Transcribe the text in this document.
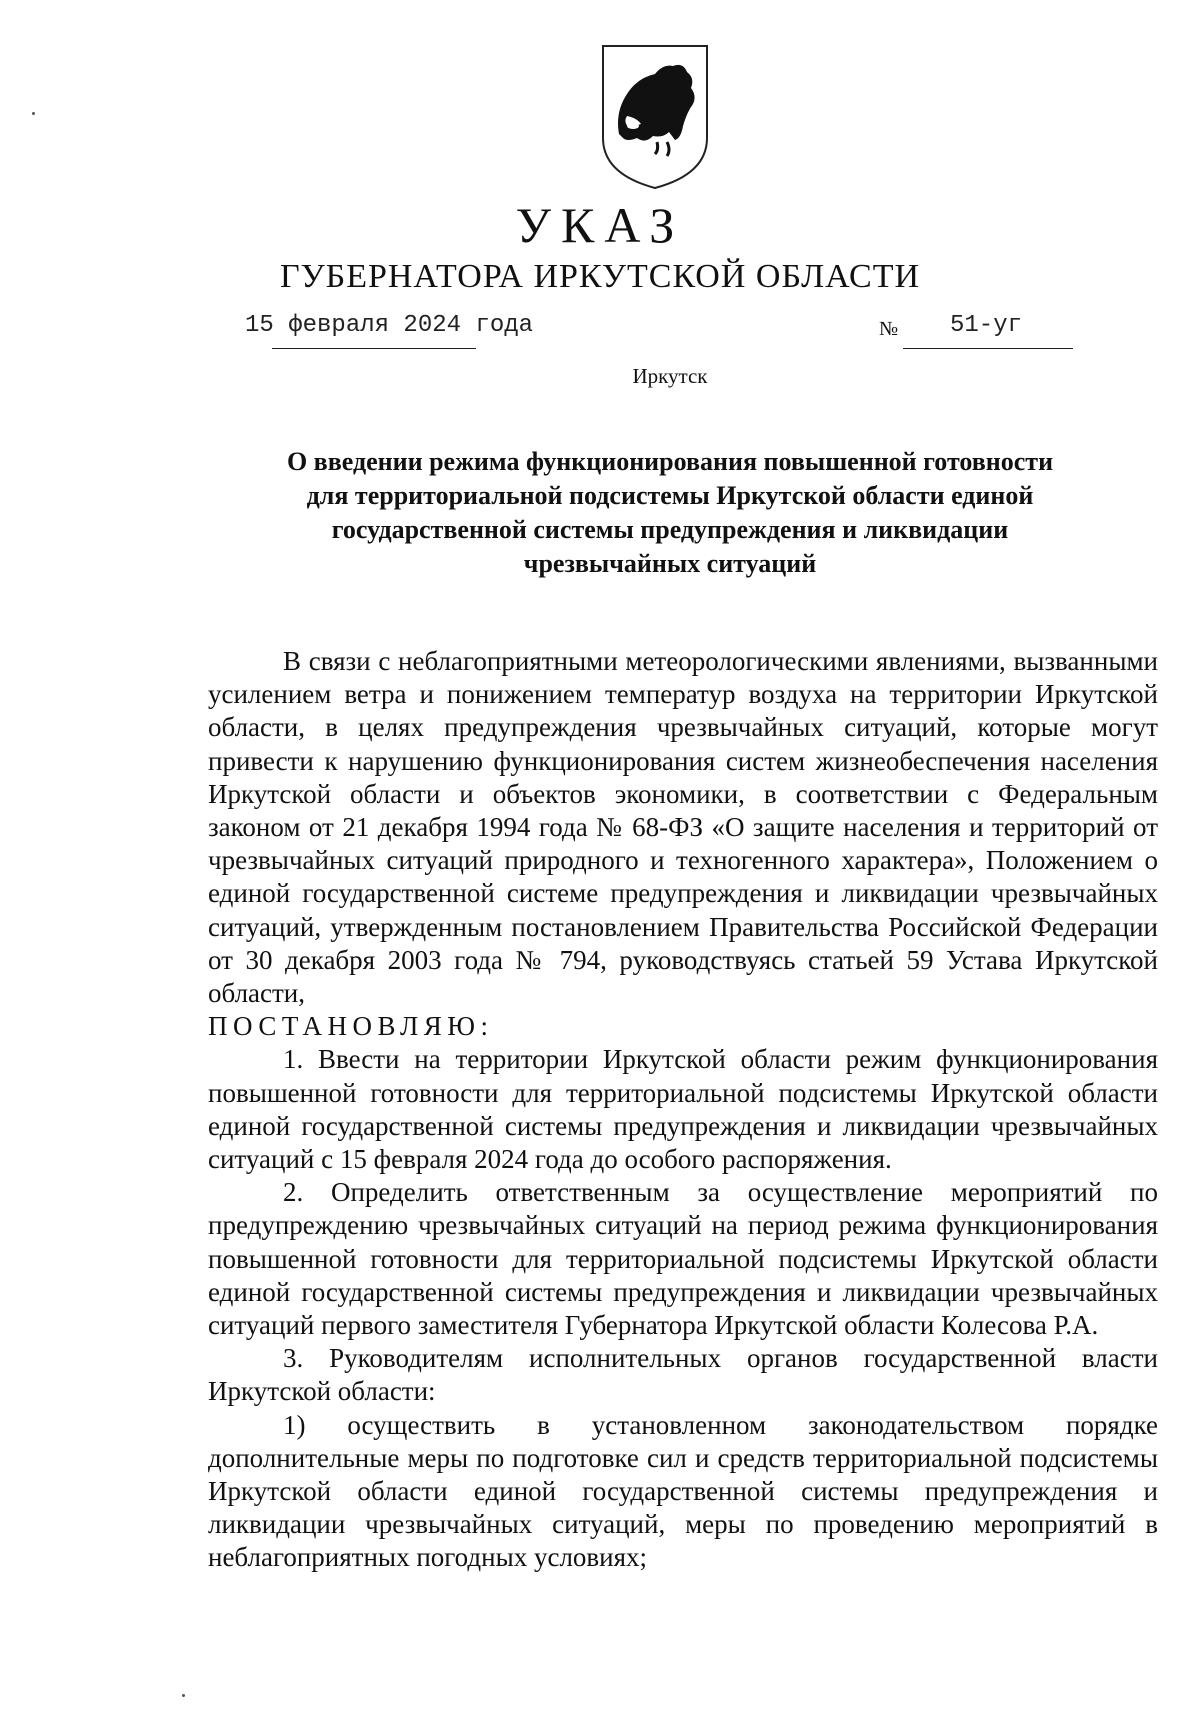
УКАЗ
ГУБЕРНАТОРА ИРКУТСКОЙ ОБЛАСТИ
15 февраля 2024 года	№ 51-уг
Иркутск
О введении режима функционирования повышенной готовности
для территориальной подсистемы Иркутской области единой
государственной системы предупреждения и ликвидации
чрезвычайных ситуаций

В связи с неблагоприятными метеорологическими явлениями, вызванными усилением ветра и понижением температур воздуха на территории Иркутской области, в целях предупреждения чрезвычайных ситуаций, которые могут привести к нарушению функционирования систем жизнеобеспечения населения Иркутской области и объектов экономики, в соответствии с Федеральным законом от 21 декабря 1994 года № 68-ФЗ «О защите населения и территорий от чрезвычайных ситуаций природного и техногенного характера», Положением о единой государственной системе предупреждения и ликвидации чрезвычайных ситуаций, утвержденным постановлением Правительства Российской Федерации от 30 декабря 2003 года № 794, руководствуясь статьей 59 Устава Иркутской области,

ПОСТАНОВЛЯЮ:

1. Ввести на территории Иркутской области режим функционирования повышенной готовности для территориальной подсистемы Иркутской области единой государственной системы предупреждения и ликвидации чрезвычайных ситуаций с 15 февраля 2024 года до особого распоряжения.

2. Определить ответственным за осуществление мероприятий по предупреждению чрезвычайных ситуаций на период режима функционирования повышенной готовности для территориальной подсистемы Иркутской области единой государственной системы предупреждения и ликвидации чрезвычайных ситуаций первого заместителя Губернатора Иркутской области Колесова Р.А.

3. Руководителям исполнительных органов государственной власти Иркутской области:

1) осуществить в установленном законодательством порядке дополнительные меры по подготовке сил и средств территориальной подсистемы Иркутской области единой государственной системы предупреждения и ликвидации чрезвычайных ситуаций, меры по проведению мероприятий в неблагоприятных погодных условиях;
